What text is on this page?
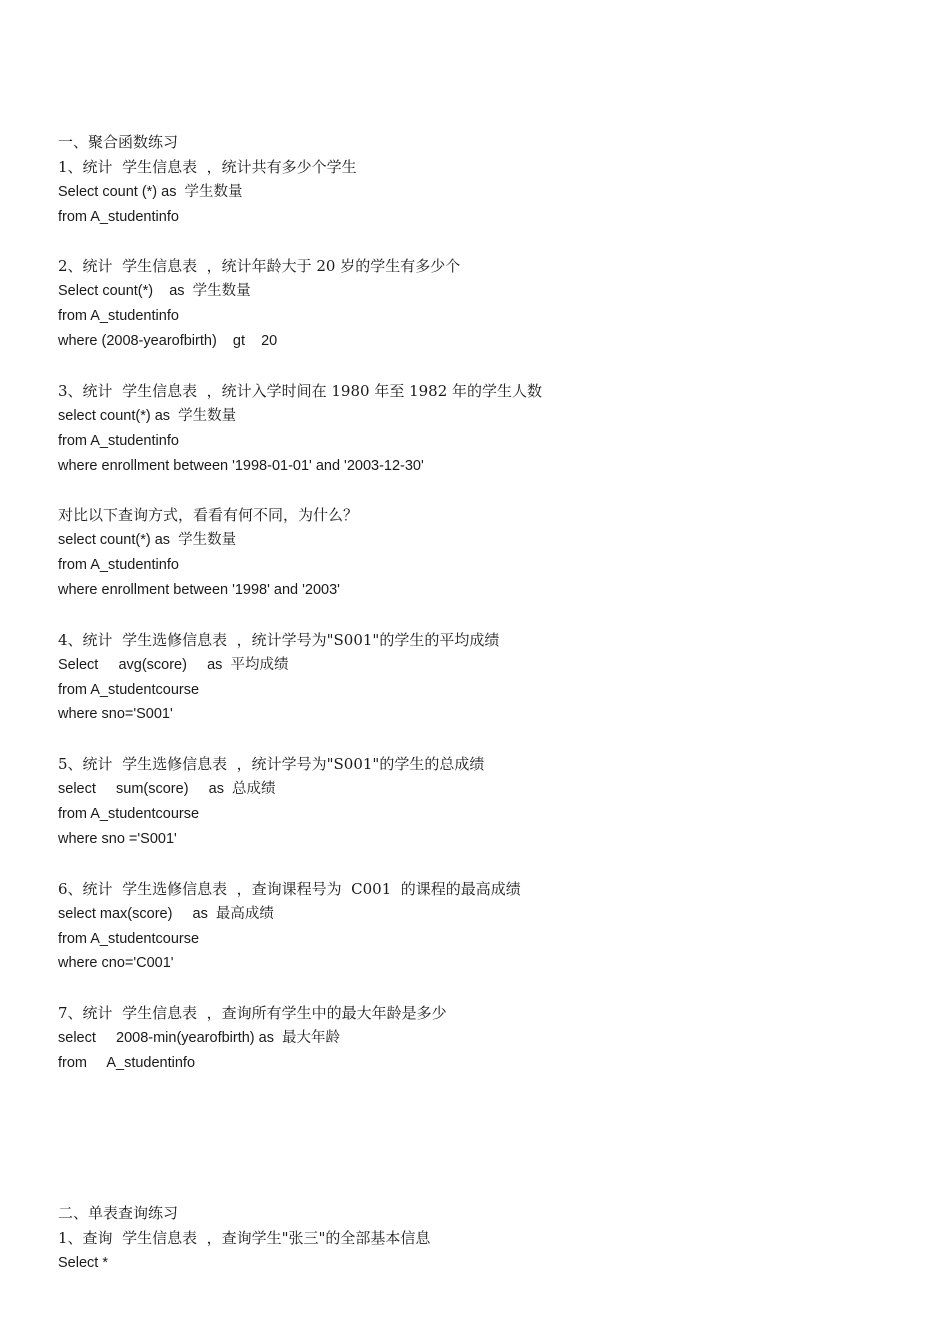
一、聚合函数练习
1、统计  学生信息表  ，统计共有多少个学生
Select count (*) as  学生数量
from A_studentinfo
2、统计  学生信息表  ，统计年龄大于 20 岁的学生有多少个
Select count(*)    as  学生数量
from A_studentinfo
where (2008-yearofbirth)    gt    20
3、统计  学生信息表  ，统计入学时间在 1980 年至 1982 年的学生人数
select count(*) as  学生数量
from A_studentinfo
where enrollment between '1998-01-01' and '2003-12-30'
对比以下查询方式，看看有何不同，为什么？
select count(*) as  学生数量
from A_studentinfo
where enrollment between '1998' and '2003'
4、统计  学生选修信息表  ，统计学号为"S001"的学生的平均成绩
Select     avg(score)     as  平均成绩
from A_studentcourse
where sno='S001'
5、统计  学生选修信息表  ，统计学号为"S001"的学生的总成绩
select     sum(score)     as  总成绩
from A_studentcourse
where sno ='S001'
6、统计  学生选修信息表  ，查询课程号为  C001  的课程的最高成绩
select max(score)     as  最高成绩
from A_studentcourse
where cno='C001'
7、统计  学生信息表  ，查询所有学生中的最大年龄是多少
select     2008-min(yearofbirth) as  最大年龄
from     A_studentinfo
二、单表查询练习
1、查询  学生信息表  ，查询学生"张三"的全部基本信息
Select *
